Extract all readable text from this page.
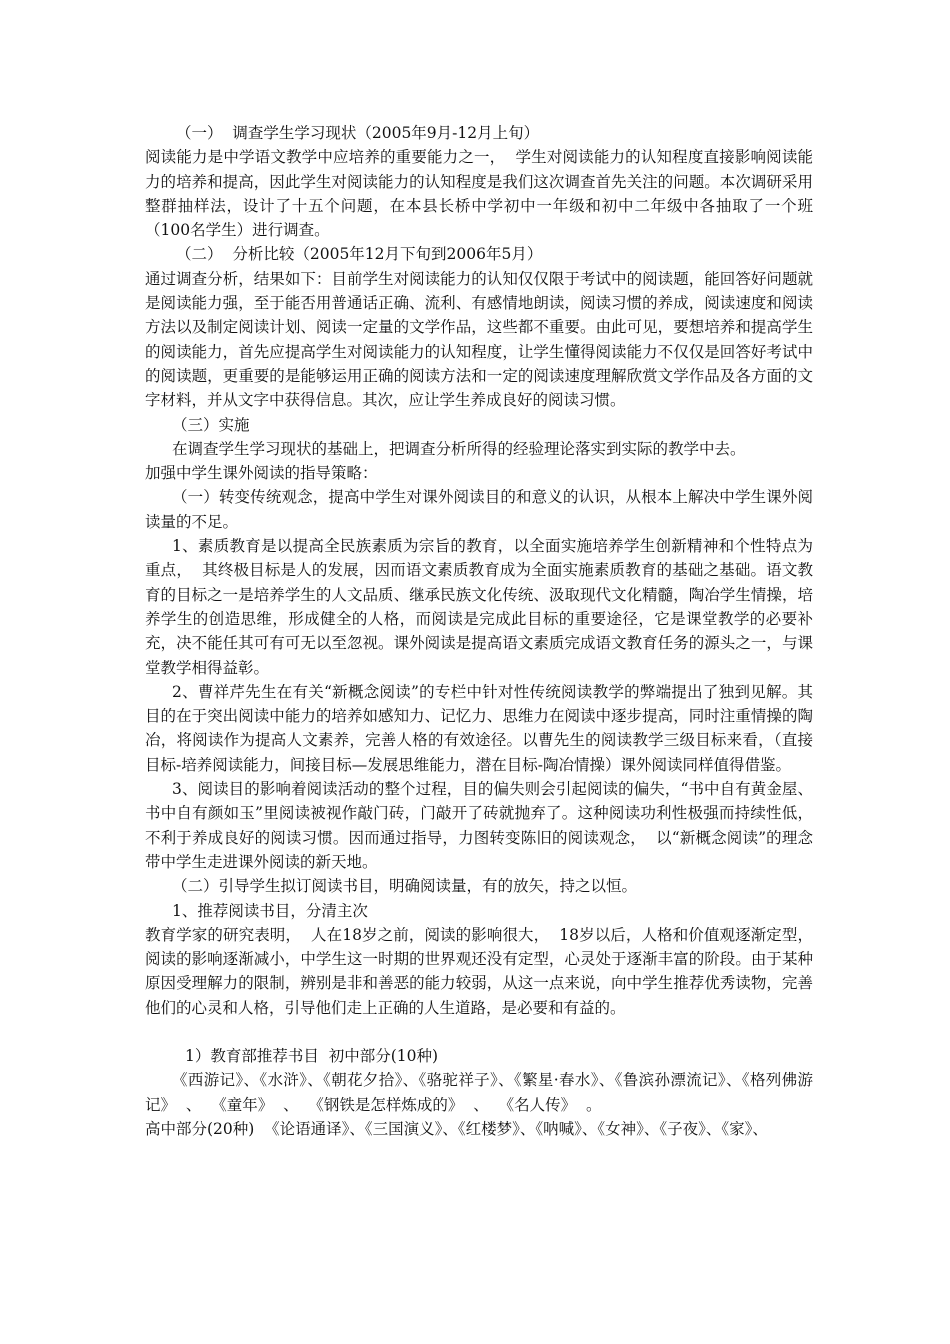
（一）  调查学生学习现状（2005年9月-12月上旬）

阅读能力是中学语文教学中应培养的重要能力之一，  学生对阅读能力的认知程度直接影响阅读能力的培养和提高，因此学生对阅读能力的认知程度是我们这次调查首先关注的问题。本次调研采用整群抽样法，设计了十五个问题，在本县长桥中学初中一年级和初中二年级中各抽取了一个班（100名学生）进行调查。

（二）  分析比较（2005年12月下旬到2006年5月）

通过调查分析，结果如下：目前学生对阅读能力的认知仅仅限于考试中的阅读题，能回答好问题就是阅读能力强，至于能否用普通话正确、流利、有感情地朗读，阅读习惯的养成，阅读速度和阅读方法以及制定阅读计划、阅读一定量的文学作品，这些都不重要。由此可见，要想培养和提高学生的阅读能力，首先应提高学生对阅读能力的认知程度，让学生懂得阅读能力不仅仅是回答好考试中的阅读题，更重要的是能够运用正确的阅读方法和一定的阅读速度理解欣赏文学作品及各方面的文字材料，并从文字中获得信息。其次，应让学生养成良好的阅读习惯。

（三）实施

在调查学生学习现状的基础上，把调查分析所得的经验理论落实到实际的教学中去。

加强中学生课外阅读的指导策略：

（一）转变传统观念，提高中学生对课外阅读目的和意义的认识，从根本上解决中学生课外阅读量的不足。

1、素质教育是以提高全民族素质为宗旨的教育，以全面实施培养学生创新精神和个性特点为重点，  其终极目标是人的发展，因而语文素质教育成为全面实施素质教育的基础之基础。语文教育的目标之一是培养学生的人文品质、继承民族文化传统、汲取现代文化精髓，陶冶学生情操，培养学生的创造思维，形成健全的人格，而阅读是完成此目标的重要途径，它是课堂教学的必要补充，决不能任其可有可无以至忽视。课外阅读是提高语文素质完成语文教育任务的源头之一，与课堂教学相得益彰。

2、曹祥芹先生在有关“新概念阅读”的专栏中针对性传统阅读教学的弊端提出了独到见解。其目的在于突出阅读中能力的培养如感知力、记忆力、思维力在阅读中逐步提高，同时注重情操的陶冶，将阅读作为提高人文素养，完善人格的有效途径。以曹先生的阅读教学三级目标来看，（直接目标-培养阅读能力，间接目标—发展思维能力，潜在目标-陶冶情操）课外阅读同样值得借鉴。

3、阅读目的影响着阅读活动的整个过程，目的偏失则会引起阅读的偏失，“书中自有黄金屋、书中自有颜如玉”里阅读被视作敲门砖，门敲开了砖就抛弃了。这种阅读功利性极强而持续性低，不利于养成良好的阅读习惯。因而通过指导，力图转变陈旧的阅读观念，  以“新概念阅读”的理念带中学生走进课外阅读的新天地。

（二）引导学生拟订阅读书目，明确阅读量，有的放矢，持之以恒。

1、推荐阅读书目，分清主次

教育学家的研究表明，  人在18岁之前，阅读的影响很大，  18岁以后，人格和价值观逐渐定型，阅读的影响逐渐减小，中学生这一时期的世界观还没有定型，心灵处于逐渐丰富的阶段。由于某种原因受理解力的限制，辨别是非和善恶的能力较弱，从这一点来说，向中学生推荐优秀读物，完善他们的心灵和人格，引导他们走上正确的人生道路，是必要和有益的。

1）教育部推荐书目  初中部分(10种)

《西游记》、《水浒》、《朝花夕拾》、《骆驼祥子》、《繁星·春水》、《鲁滨孙漂流记》、《格列佛游记》  、  《童年》  、  《钢铁是怎样炼成的》  、  《名人传》  。

高中部分(20种)  《论语通译》、《三国演义》、《红楼梦》、《呐喊》、《女神》、《子夜》、《家》、
